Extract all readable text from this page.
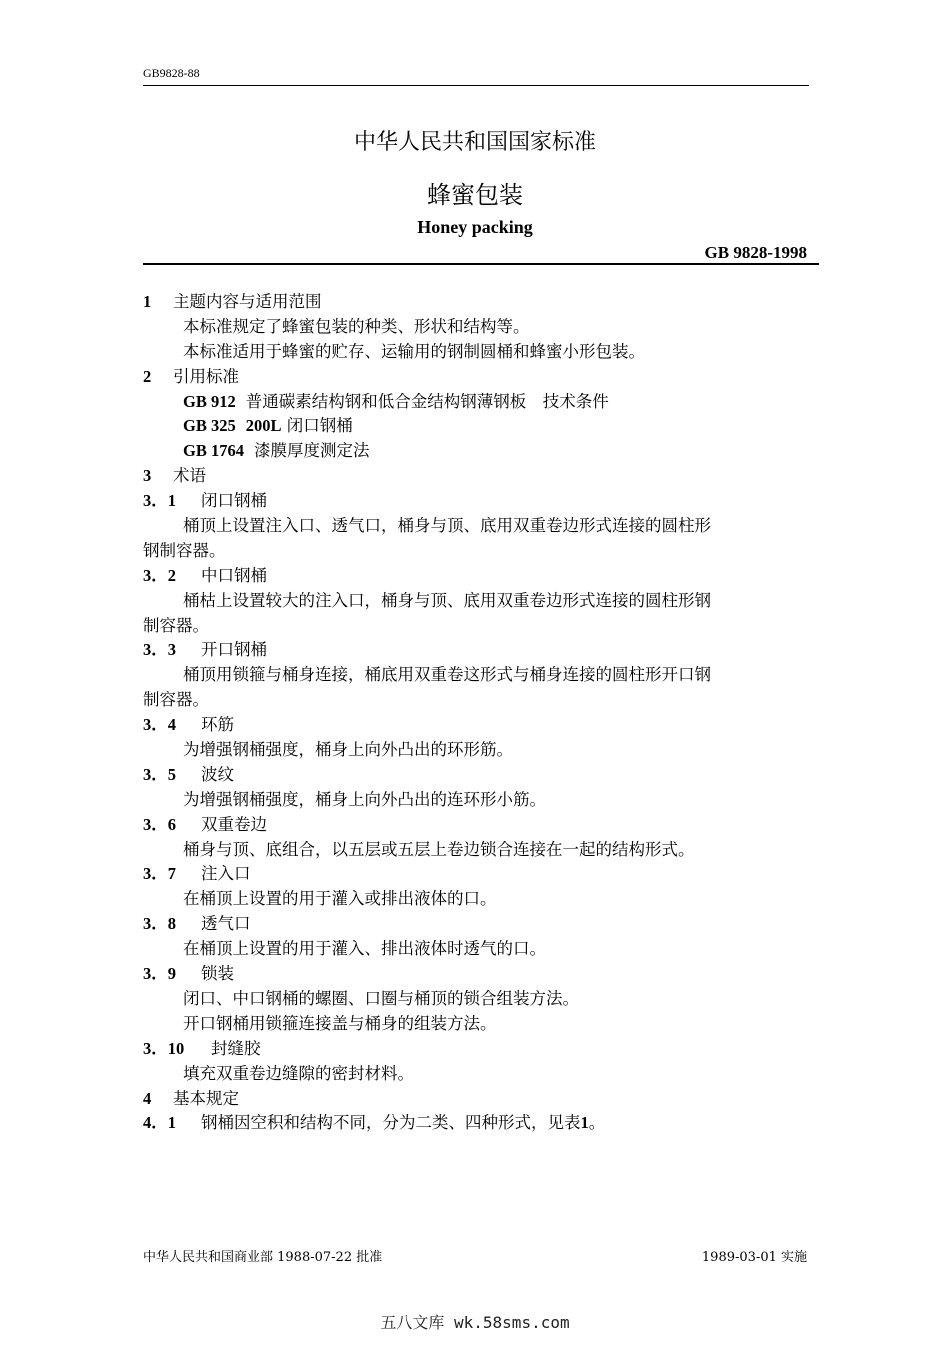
GB9828-88
中华人民共和国国家标准
蜂蜜包装
Honey packing
GB 9828-1998
1 主题内容与适用范围
本标准规定了蜂蜜包装的种类、形状和结构等。
本标准适用于蜂蜜的贮存、运输用的钢制圆桶和蜂蜜小形包装。
2 引用标准
GB 912 普通碳素结构钢和低合金结构钢薄钢板　技术条件
GB 325 200L 闭口钢桶
GB 1764 漆膜厚度测定法
3 术语
3．1 闭口钢桶
桶顶上设置注入口、透气口，桶身与顶、底用双重卷边形式连接的圆柱形
钢制容器。
3．2 中口钢桶
桶枯上设置较大的注入口，桶身与顶、底用双重卷边形式连接的圆柱形钢
制容器。
3．3 开口钢桶
桶顶用锁箍与桶身连接，桶底用双重卷这形式与桶身连接的圆柱形开口钢
制容器。
3．4 环筋
为增强钢桶强度，桶身上向外凸出的环形筋。
3．5 波纹
为增强钢桶强度，桶身上向外凸出的连环形小筋。
3．6 双重卷边
桶身与顶、底组合，以五层或五层上卷边锁合连接在一起的结构形式。
3．7 注入口
在桶顶上设置的用于灌入或排出液体的口。
3．8 透气口
在桶顶上设置的用于灌入、排出液体时透气的口。
3．9 锁装
闭口、中口钢桶的螺圈、口圈与桶顶的锁合组装方法。
开口钢桶用锁箍连接盖与桶身的组装方法。
3．10 封缝胶
填充双重卷边缝隙的密封材料。
4 基本规定
4．1 钢桶因空积和结构不同，分为二类、四种形式，见表1。
中华人民共和国商业部 1988-07-22 批准	1989-03-01 实施
五八文库 wk.58sms.com
